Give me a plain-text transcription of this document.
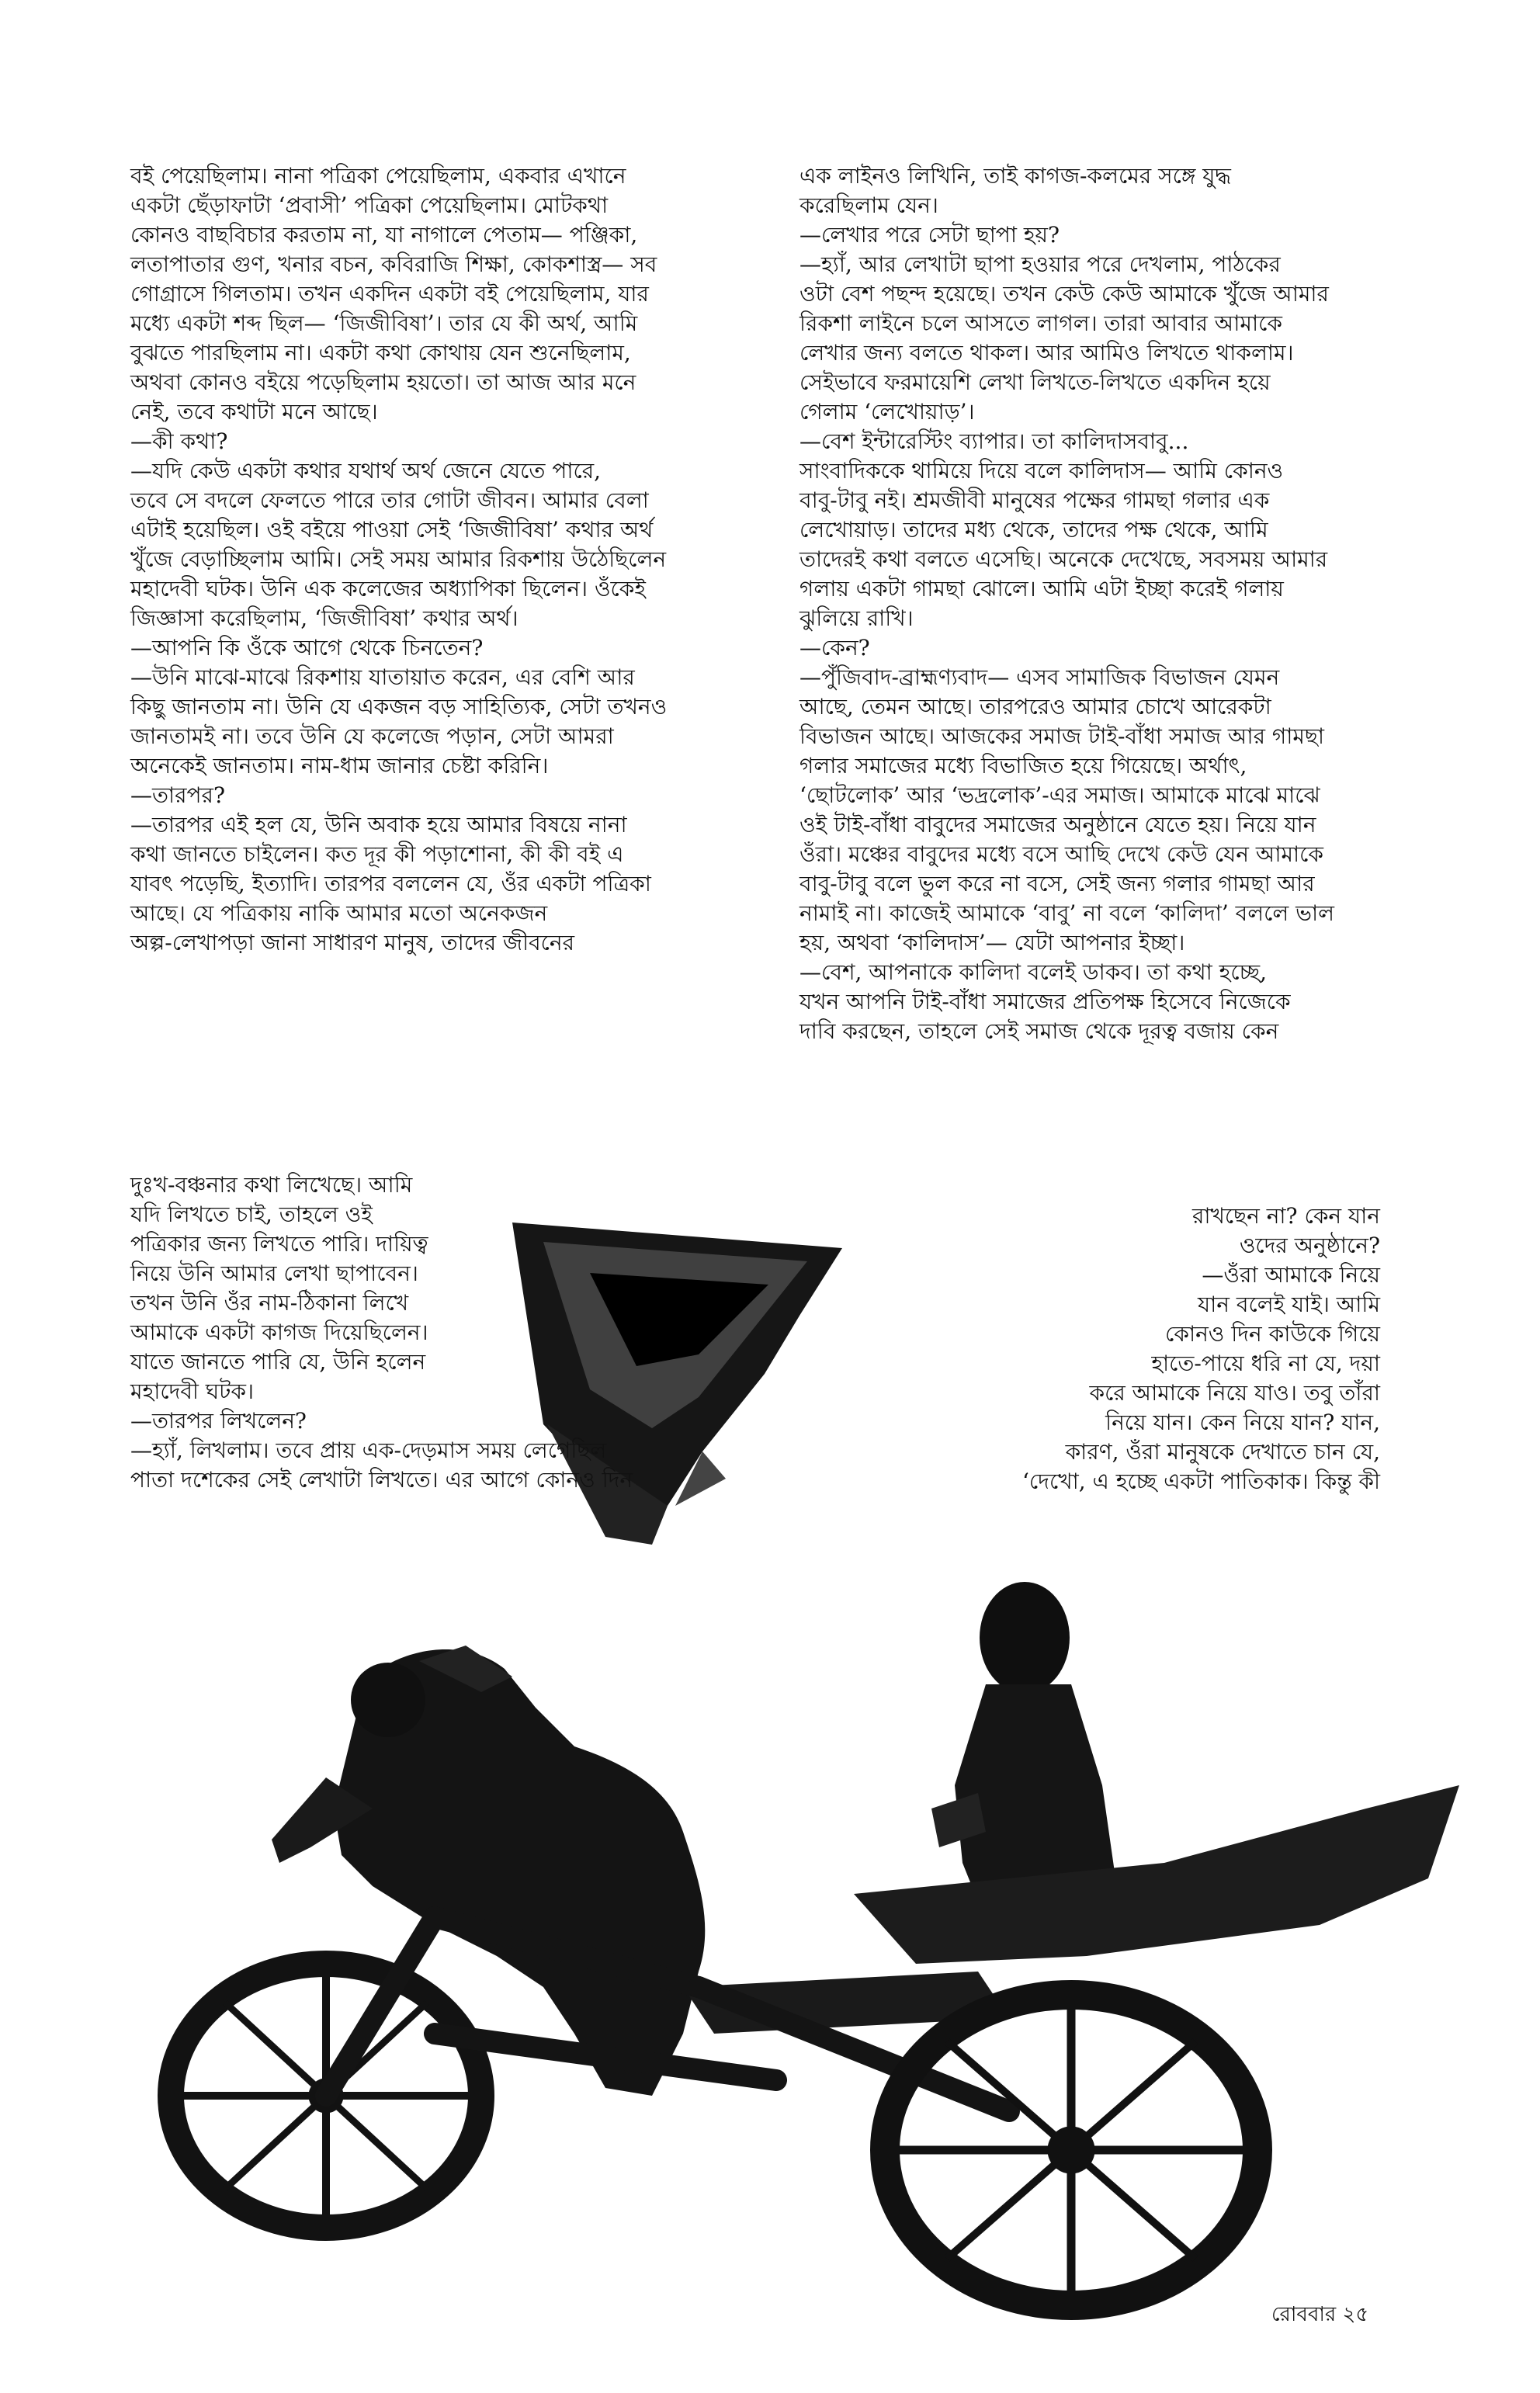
বই পেয়েছিলাম। নানা পত্রিকা পেয়েছিলাম, একবার এখানে
একটা ছেঁড়াফাটা ‘প্রবাসী’ পত্রিকা পেয়েছিলাম। মোটকথা
কোনও বাছবিচার করতাম না, যা নাগালে পেতাম— পঞ্জিকা,
লতাপাতার গুণ, খনার বচন, কবিরাজি শিক্ষা, কোকশাস্ত্র— সব
গোগ্রাসে গিলতাম। তখন একদিন একটা বই পেয়েছিলাম, যার
মধ্যে একটা শব্দ ছিল— ‘জিজীবিষা’। তার যে কী অর্থ, আমি
বুঝতে পারছিলাম না। একটা কথা কোথায় যেন শুনেছিলাম,
অথবা কোনও বইয়ে পড়েছিলাম হয়তো। তা আজ আর মনে
নেই, তবে কথাটা মনে আছে।
—কী কথা?
—যদি কেউ একটা কথার যথার্থ অর্থ জেনে যেতে পারে,
তবে সে বদলে ফেলতে পারে তার গোটা জীবন। আমার বেলা
এটাই হয়েছিল। ওই বইয়ে পাওয়া সেই ‘জিজীবিষা’ কথার অর্থ
খুঁজে বেড়াচ্ছিলাম আমি। সেই সময় আমার রিকশায় উঠেছিলেন
মহাদেবী ঘটক। উনি এক কলেজের অধ্যাপিকা ছিলেন। ওঁকেই
জিজ্ঞাসা করেছিলাম, ‘জিজীবিষা’ কথার অর্থ।
—আপনি কি ওঁকে আগে থেকে চিনতেন?
—উনি মাঝে-মাঝে রিকশায় যাতায়াত করেন, এর বেশি আর
কিছু জানতাম না। উনি যে একজন বড় সাহিত্যিক, সেটা তখনও
জানতামই না। তবে উনি যে কলেজে পড়ান, সেটা আমরা
অনেকেই জানতাম। নাম-ধাম জানার চেষ্টা করিনি।
—তারপর?
—তারপর এই হল যে, উনি অবাক হয়ে আমার বিষয়ে নানা
কথা জানতে চাইলেন। কত দূর কী পড়াশোনা, কী কী বই এ
যাবৎ পড়েছি, ইত্যাদি। তারপর বললেন যে, ওঁর একটা পত্রিকা
আছে। যে পত্রিকায় নাকি আমার মতো অনেকজন
অল্প-লেখাপড়া জানা সাধারণ মানুষ, তাদের জীবনের
দুঃখ-বঞ্চনার কথা লিখেছে। আমি
যদি লিখতে চাই, তাহলে ওই
পত্রিকার জন্য লিখতে পারি। দায়িত্ব
নিয়ে উনি আমার লেখা ছাপাবেন।
তখন উনি ওঁর নাম-ঠিকানা লিখে
আমাকে একটা কাগজ দিয়েছিলেন।
যাতে জানতে পারি যে, উনি হলেন
মহাদেবী ঘটক।
—তারপর লিখলেন?
—হ্যাঁ, লিখলাম। তবে প্রায় এক-দেড়মাস সময় লেগেছিল
পাতা দশেকের সেই লেখাটা লিখতে। এর আগে কোনও দিন
এক লাইনও লিখিনি, তাই কাগজ-কলমের সঙ্গে যুদ্ধ
করেছিলাম যেন।
—লেখার পরে সেটা ছাপা হয়?
—হ্যাঁ, আর লেখাটা ছাপা হওয়ার পরে দেখলাম, পাঠকের
ওটা বেশ পছন্দ হয়েছে। তখন কেউ কেউ আমাকে খুঁজে আমার
রিকশা লাইনে চলে আসতে লাগল। তারা আবার আমাকে
লেখার জন্য বলতে থাকল। আর আমিও লিখতে থাকলাম।
সেইভাবে ফরমায়েশি লেখা লিখতে-লিখতে একদিন হয়ে
গেলাম ‘লেখোয়াড়’।
—বেশ ইন্টারেস্টিং ব্যাপার। তা কালিদাসবাবু...
সাংবাদিককে থামিয়ে দিয়ে বলে কালিদাস— আমি কোনও
বাবু-টাবু নই। শ্রমজীবী মানুষের পক্ষের গামছা গলার এক
লেখোয়াড়। তাদের মধ্য থেকে, তাদের পক্ষ থেকে, আমি
তাদেরই কথা বলতে এসেছি। অনেকে দেখেছে, সবসময় আমার
গলায় একটা গামছা ঝোলে। আমি এটা ইচ্ছা করেই গলায়
ঝুলিয়ে রাখি।
—কেন?
—পুঁজিবাদ-ব্রাহ্মণ্যবাদ— এসব সামাজিক বিভাজন যেমন
আছে, তেমন আছে। তারপরেও আমার চোখে আরেকটা
বিভাজন আছে। আজকের সমাজ টাই-বাঁধা সমাজ আর গামছা
গলার সমাজের মধ্যে বিভাজিত হয়ে গিয়েছে। অর্থাৎ,
‘ছোটলোক’ আর ‘ভদ্রলোক’-এর সমাজ। আমাকে মাঝে মাঝে
ওই টাই-বাঁধা বাবুদের সমাজের অনুষ্ঠানে যেতে হয়। নিয়ে যান
ওঁরা। মঞ্চের বাবুদের মধ্যে বসে আছি দেখে কেউ যেন আমাকে
বাবু-টাবু বলে ভুল করে না বসে, সেই জন্য গলার গামছা আর
নামাই না। কাজেই আমাকে ‘বাবু’ না বলে ‘কালিদা’ বললে ভাল
হয়, অথবা ‘কালিদাস’— যেটা আপনার ইচ্ছা।
—বেশ, আপনাকে কালিদা বলেই ডাকব। তা কথা হচ্ছে,
যখন আপনি টাই-বাঁধা সমাজের প্রতিপক্ষ হিসেবে নিজেকে
দাবি করছেন, তাহলে সেই সমাজ থেকে দূরত্ব বজায় কেন
রাখছেন না? কেন যান
ওদের অনুষ্ঠানে?
—ওঁরা আমাকে নিয়ে
যান বলেই যাই। আমি
কোনও দিন কাউকে গিয়ে
হাতে-পায়ে ধরি না যে, দয়া
করে আমাকে নিয়ে যাও। তবু তাঁরা
নিয়ে যান। কেন নিয়ে যান? যান,
কারণ, ওঁরা মানুষকে দেখাতে চান যে,
‘দেখো, এ হচ্ছে একটা পাতিকাক। কিন্তু কী
রোববার ২৫
